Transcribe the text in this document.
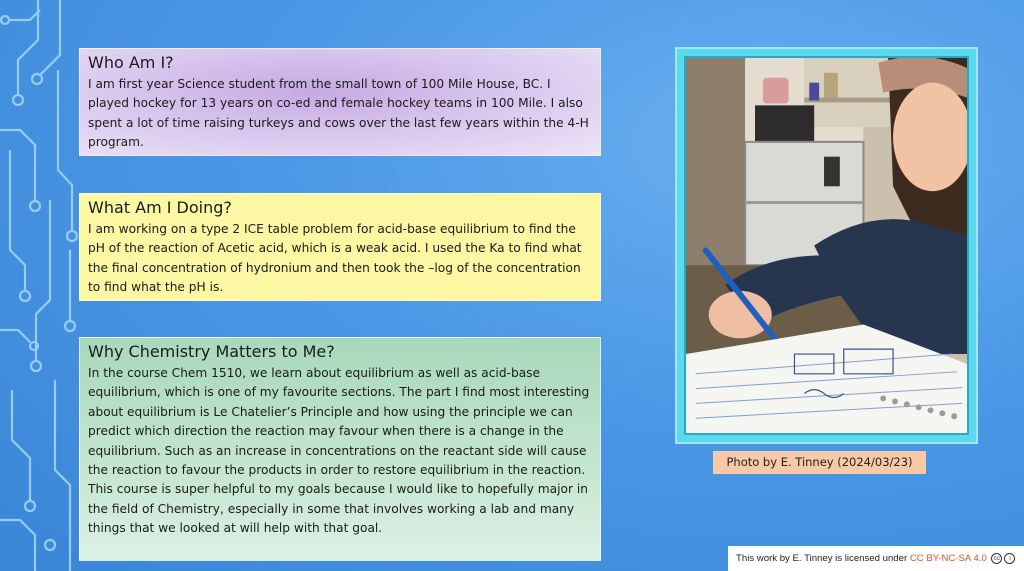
Who Am I?

I am first year Science student from the small town of 100 Mile House, BC. I played hockey for 13 years on co-ed and female hockey teams in 100 Mile. I also spent a lot of time raising turkeys and cows over the last few years within the 4-H program.

What Am I Doing?

I am working on a type 2 ICE table problem for acid-base equilibrium to find the pH of the reaction of Acetic acid, which is a weak acid. I used the Ka to find what the final concentration of hydronium and then took the –log of the concentration to find what the pH is.

Why Chemistry Matters to Me?

In the course Chem 1510, we learn about equilibrium as well as acid-base equilibrium, which is one of my favourite sections. The part I find most interesting about equilibrium is Le Chatelier’s Principle and how using the principle we can predict which direction the reaction may favour when there is a change in the equilibrium. Such as an increase in concentrations on the reactant side will cause the reaction to favour the products in order to restore equilibrium in the reaction. This course is super helpful to my goals because I would like to hopefully major in the field of Chemistry, especially in some that involves working a lab and many things that we looked at will help with that goal.

Photo by E. Tinney (2024/03/23)
This work by E. Tinney is licensed under CC BY-NC-SA 4.0 cc i
